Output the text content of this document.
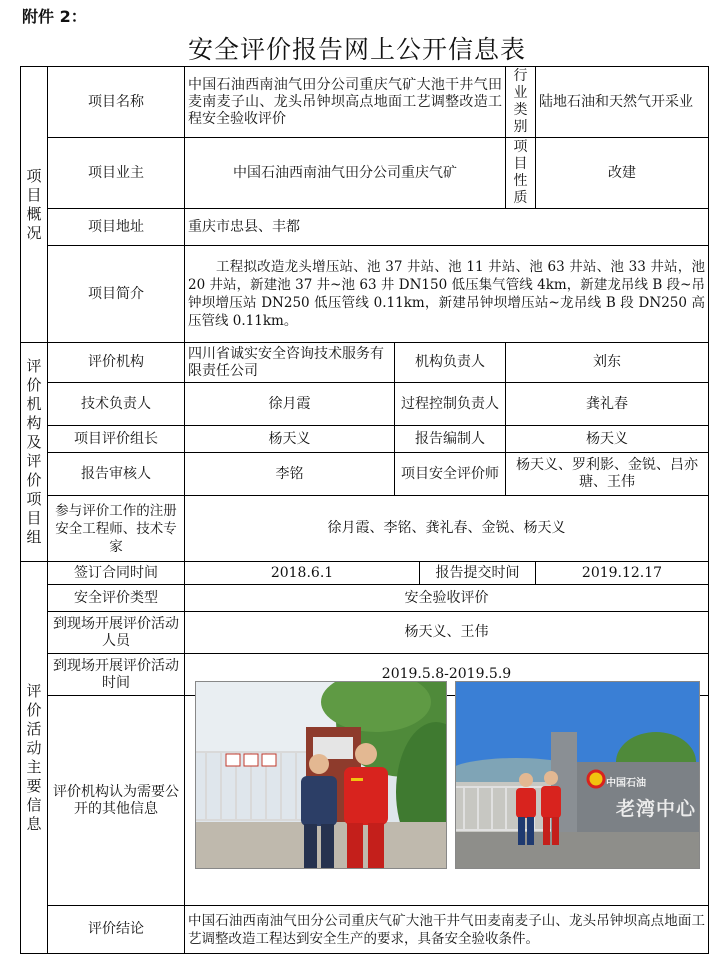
附件 2：
安全评价报告网上公开信息表
项目概况	项目名称	中国石油西南油气田分公司重庆气矿大池干井气田麦南麦子山、龙头吊钟坝高点地面工艺调整改造工程安全验收评价			行业类别	陆地石油和天然气开采业
	项目业主	中国石油西南油气田分公司重庆气矿			项目性质	改建
	项目地址	重庆市忠县、丰都				
	项目简介	工程拟改造龙头增压站、池 37 井站、池 11 井站、池 63 井站、池 33 井站，池 20 井站，新建池 37 井~池 63 井 DN150 低压集气管线 4km，新建龙吊线 B 段~吊钟坝增压站 DN250 低压管线 0.11km，新建吊钟坝增压站~龙吊线 B 段 DN250 高压管线 0.11km。				
评价机构及评价项目组	评价机构	四川省诚实安全咨询技术服务有限责任公司	机构负责人		刘东	
	技术负责人	徐月霞	过程控制负责人		龚礼春	
	项目评价组长	杨天义	报告编制人		杨天义	
	报告审核人	李铭	项目安全评价师		杨天义、罗利影、金锐、吕亦瑭、王伟	
	参与评价工作的注册安全工程师、技术专家	徐月霞、李铭、龚礼春、金锐、杨天义				
评价活动主要信息	签订合同时间	2018.6.1		报告提交时间		2019.12.17
	安全评价类型	安全验收评价				
	到现场开展评价活动人员	杨天义、王伟				
	到现场开展评价活动时间	2019.5.8-2019.5.9				
	评价机构认为需要公开的其他信息					
	评价结论	中国石油西南油气田分公司重庆气矿大池干井气田麦南麦子山、龙头吊钟坝高点地面工艺调整改造工程达到安全生产的要求，具备安全验收条件。				
中国石油
老湾中心
